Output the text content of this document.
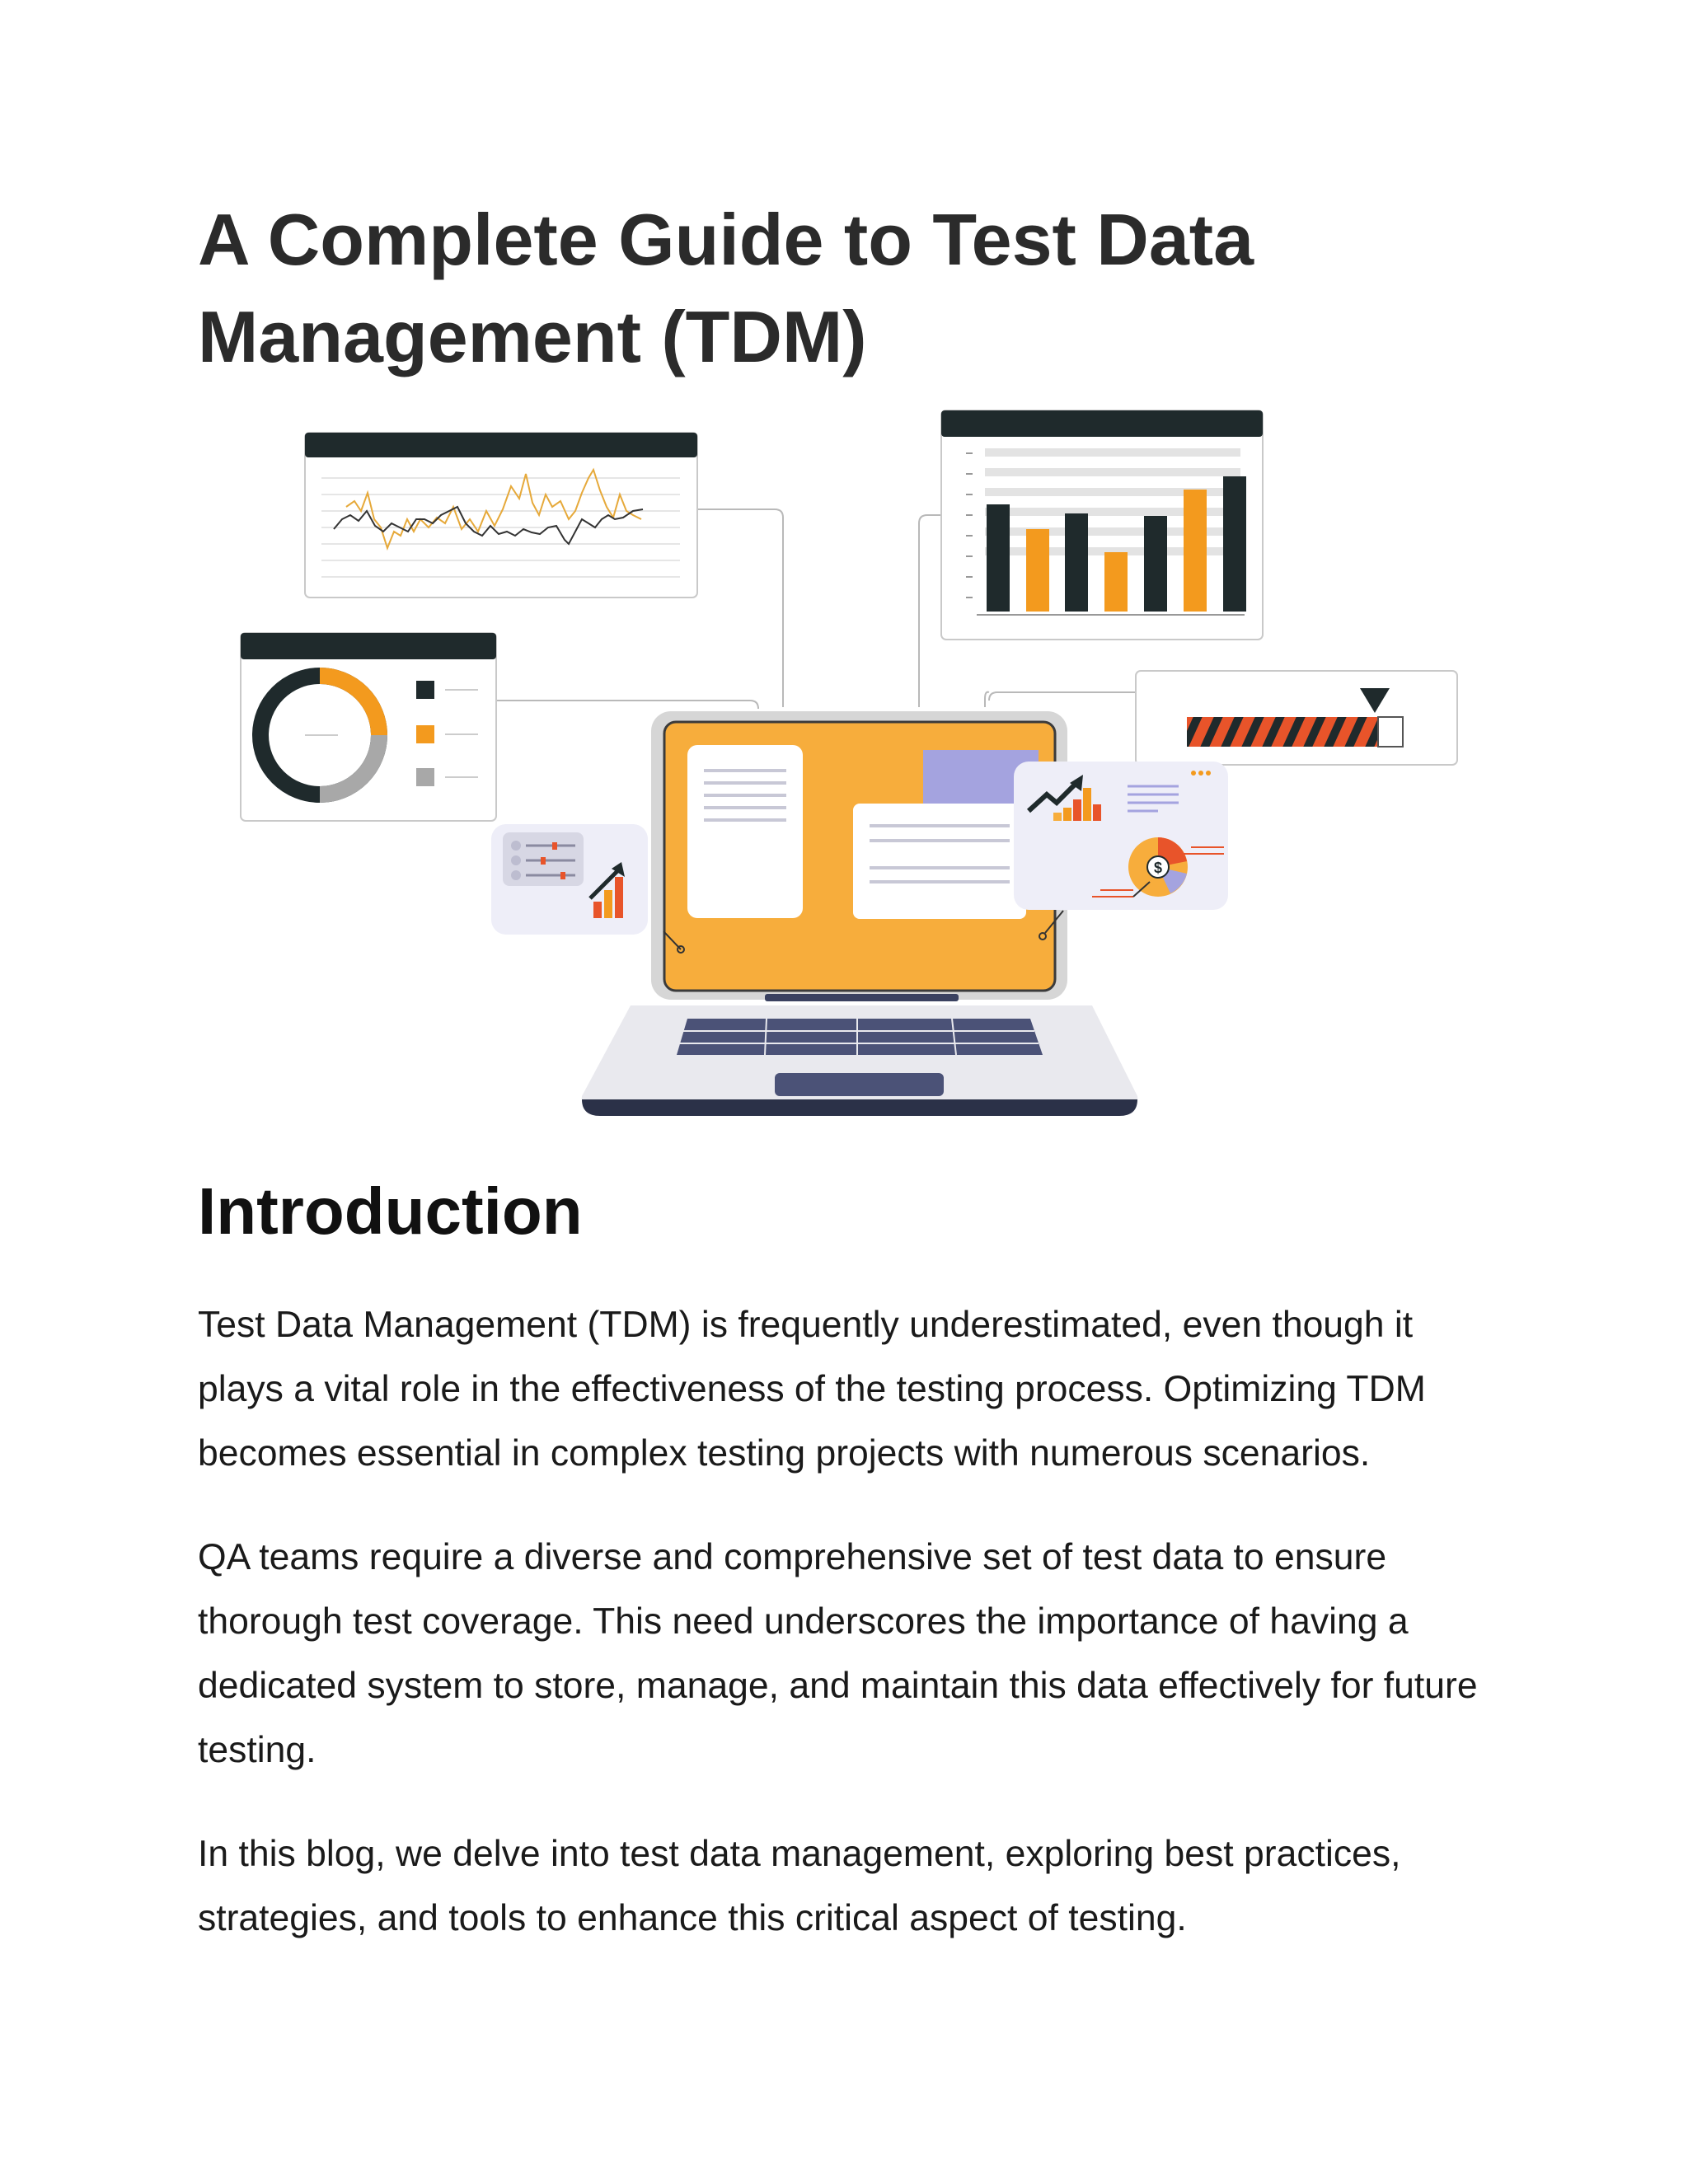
A Complete Guide to Test Data Management (TDM)
$
Introduction

Test Data Management (TDM) is frequently underestimated, even though it plays a vital role in the effectiveness of the testing process. Optimizing TDM becomes essential in complex testing projects with numerous scenarios.

QA teams require a diverse and comprehensive set of test data to ensure thorough test coverage. This need underscores the importance of having a dedicated system to store, manage, and maintain this data effectively for future testing.

In this blog, we delve into test data management, exploring best practices, strategies, and tools to enhance this critical aspect of testing.
